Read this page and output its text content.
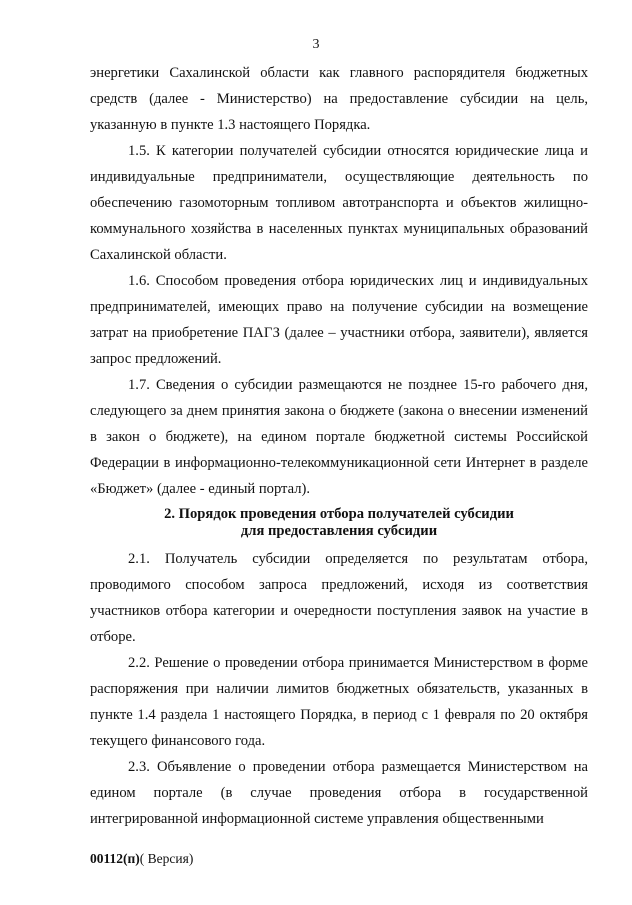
3

энергетики Сахалинской области как главного распорядителя бюджетных средств (далее - Министерство) на предоставление субсидии на цель, указанную в пункте 1.3 настоящего Порядка.

1.5. К категории получателей субсидии относятся юридические лица и индивидуальные предприниматели, осуществляющие деятельность по обеспечению газомоторным топливом автотранспорта и объектов жилищно-коммунального хозяйства в населенных пунктах муниципальных образований Сахалинской области.

1.6. Способом проведения отбора юридических лиц и индивидуальных предпринимателей, имеющих право на получение субсидии на возмещение затрат на приобретение ПАГЗ (далее – участники отбора, заявители), является запрос предложений.

1.7. Сведения о субсидии размещаются не позднее 15-го рабочего дня, следующего за днем принятия закона о бюджете (закона о внесении изменений в закон о бюджете), на едином портале бюджетной системы Российской Федерации в информационно-телекоммуникационной сети Интернет в разделе «Бюджет» (далее - единый портал).

2. Порядок проведения отбора получателей субсидии
для предоставления субсидии

2.1. Получатель субсидии определяется по результатам отбора, проводимого способом запроса предложений, исходя из соответствия участников отбора категории и очередности поступления заявок на участие в отборе.

2.2. Решение о проведении отбора принимается Министерством в форме распоряжения при наличии лимитов бюджетных обязательств, указанных в пункте 1.4 раздела 1 настоящего Порядка, в период с 1 февраля по 20 октября текущего финансового года.

2.3. Объявление о проведении отбора размещается Министерством на едином портале (в случае проведения отбора в государственной интегрированной информационной системе управления общественными

00112(п)( Версия)
